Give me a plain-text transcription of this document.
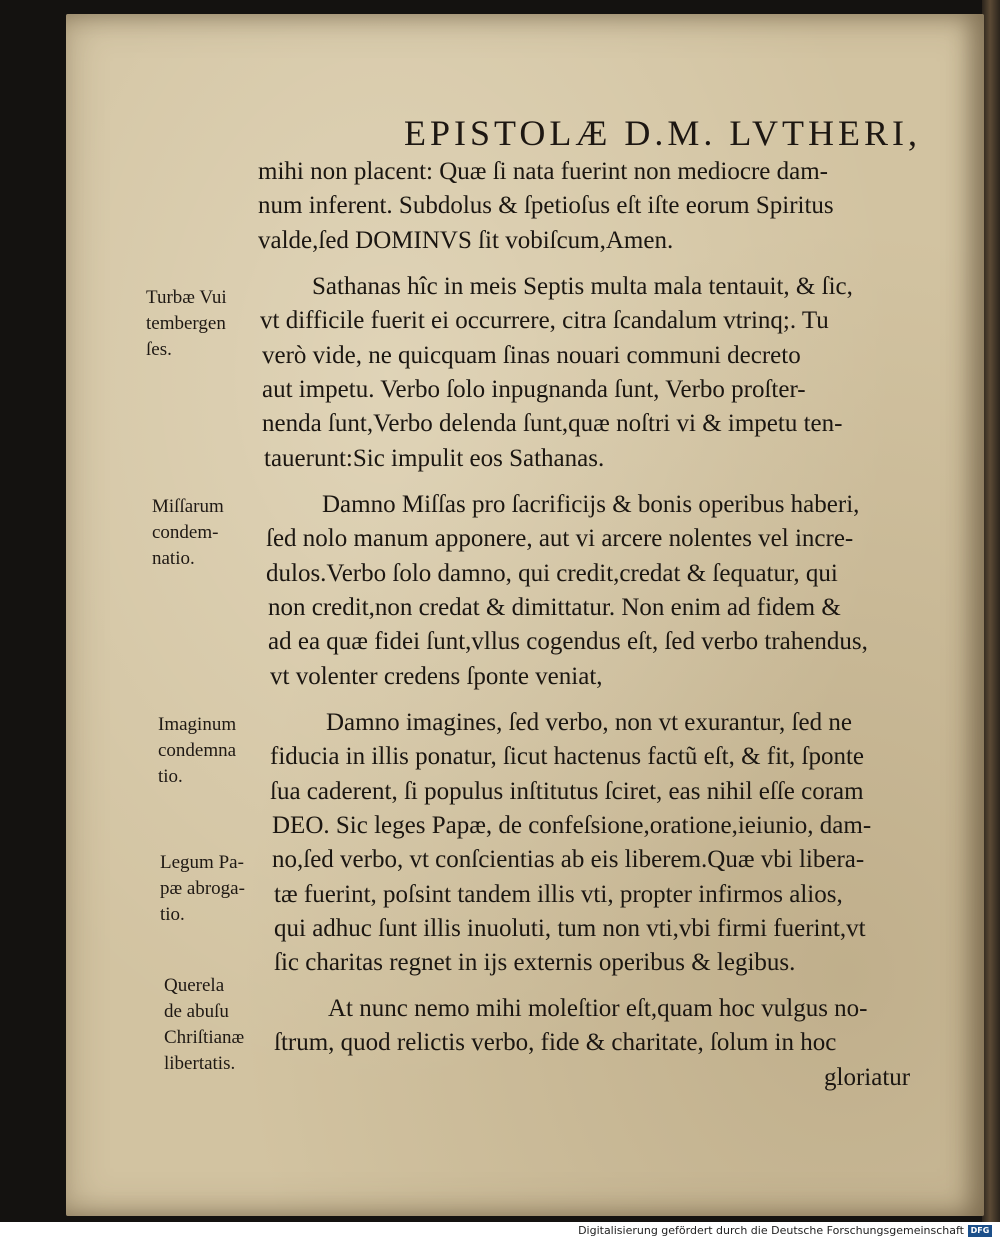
EPISTOLÆ D.M. LVTHERI,

mihi non placent: Quæ ſi nata fuerint non mediocre dam-

num inferent. Subdolus & ſpetioſus eſt iſte eorum Spiritus

valde,ſed DOMINVS ſit vobiſcum,Amen.

Sathanas hîc in meis Septis multa mala tentauit, & ſic,

vt difficile fuerit ei occurrere, citra ſcandalum vtrinq;. Tu

verò vide, ne quicquam ſinas nouari communi decreto

aut impetu. Verbo ſolo inpugnanda ſunt, Verbo proſter-

nenda ſunt,Verbo delenda ſunt,quæ noſtri vi & impetu ten-

tauerunt:Sic impulit eos Sathanas.

Damno Miſſas pro ſacrificijs & bonis operibus haberi,

ſed nolo manum apponere, aut vi arcere nolentes vel incre-

dulos.Verbo ſolo damno, qui credit,credat & ſequatur, qui

non credit,non credat & dimittatur. Non enim ad fidem &

ad ea quæ fidei ſunt,vllus cogendus eſt, ſed verbo trahendus,

vt volenter credens ſponte veniat,

Damno imagines, ſed verbo, non vt exurantur, ſed ne

fiducia in illis ponatur, ſicut hactenus factũ eſt, & fit, ſponte

ſua caderent, ſi populus inſtitutus ſciret, eas nihil eſſe coram

DEO. Sic leges Papæ, de confeſsione,oratione,ieiunio, dam-

no,ſed verbo, vt conſcientias ab eis liberem.Quæ vbi libera-

tæ fuerint, poſsint tandem illis vti, propter infirmos alios,

qui adhuc ſunt illis inuoluti, tum non vti,vbi firmi fuerint,vt

ſic charitas regnet in ijs externis operibus & legibus.

At nunc nemo mihi moleſtior eſt,quam hoc vulgus no-

ſtrum, quod relictis verbo, fide & charitate, ſolum in hoc

gloriatur

Turbæ Vui

tembergen

ſes.

Miſſarum

condem-

natio.

Imaginum

condemna

tio.

Legum Pa-

pæ abroga-

tio.

Querela

de abuſu

Chriſtianæ

libertatis.

Digitalisierung gefördert durch die Deutsche Forschungsgemeinschaft DFG
